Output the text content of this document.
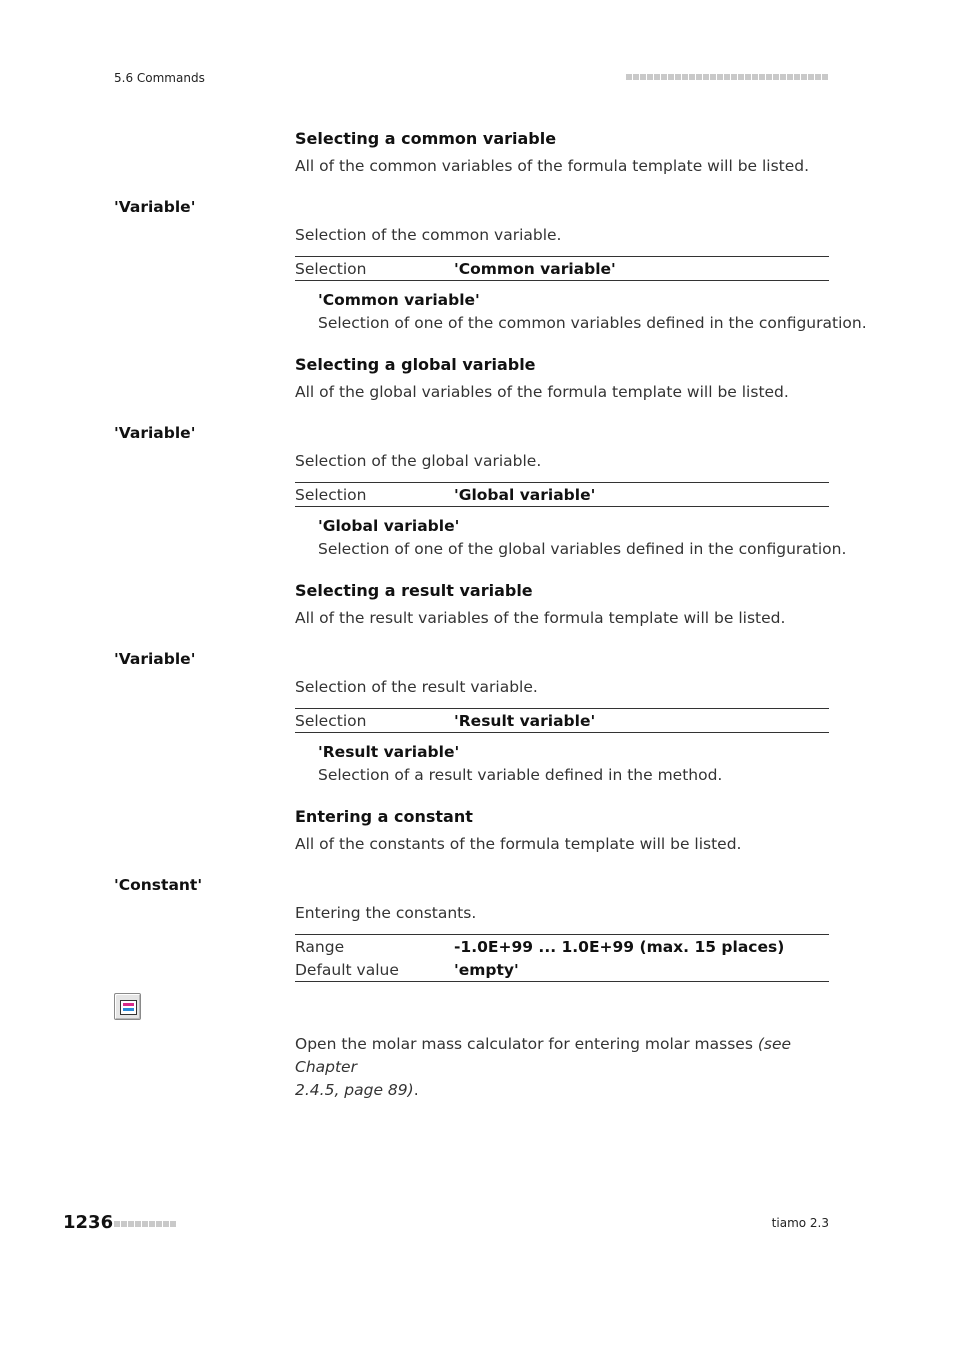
5.6 Commands
Selecting a common variable
All of the common variables of the formula template will be listed.
'Variable'
Selection of the common variable.
Selection	'Common variable'
'Common variable'
Selection of one of the common variables defined in the configuration.
Selecting a global variable
All of the global variables of the formula template will be listed.
'Variable'
Selection of the global variable.
Selection	'Global variable'
'Global variable'
Selection of one of the global variables defined in the configuration.
Selecting a result variable
All of the result variables of the formula template will be listed.
'Variable'
Selection of the result variable.
Selection	'Result variable'
'Result variable'
Selection of a result variable defined in the method.
Entering a constant
All of the constants of the formula template will be listed.
'Constant'
Entering the constants.
Range	-1.0E+99 ... 1.0E+99 (max. 15 places)
Default value	'empty'
Open the molar mass calculator for entering molar masses (see Chapter
2.4.5, page 89).
1236	tiamo 2.3
